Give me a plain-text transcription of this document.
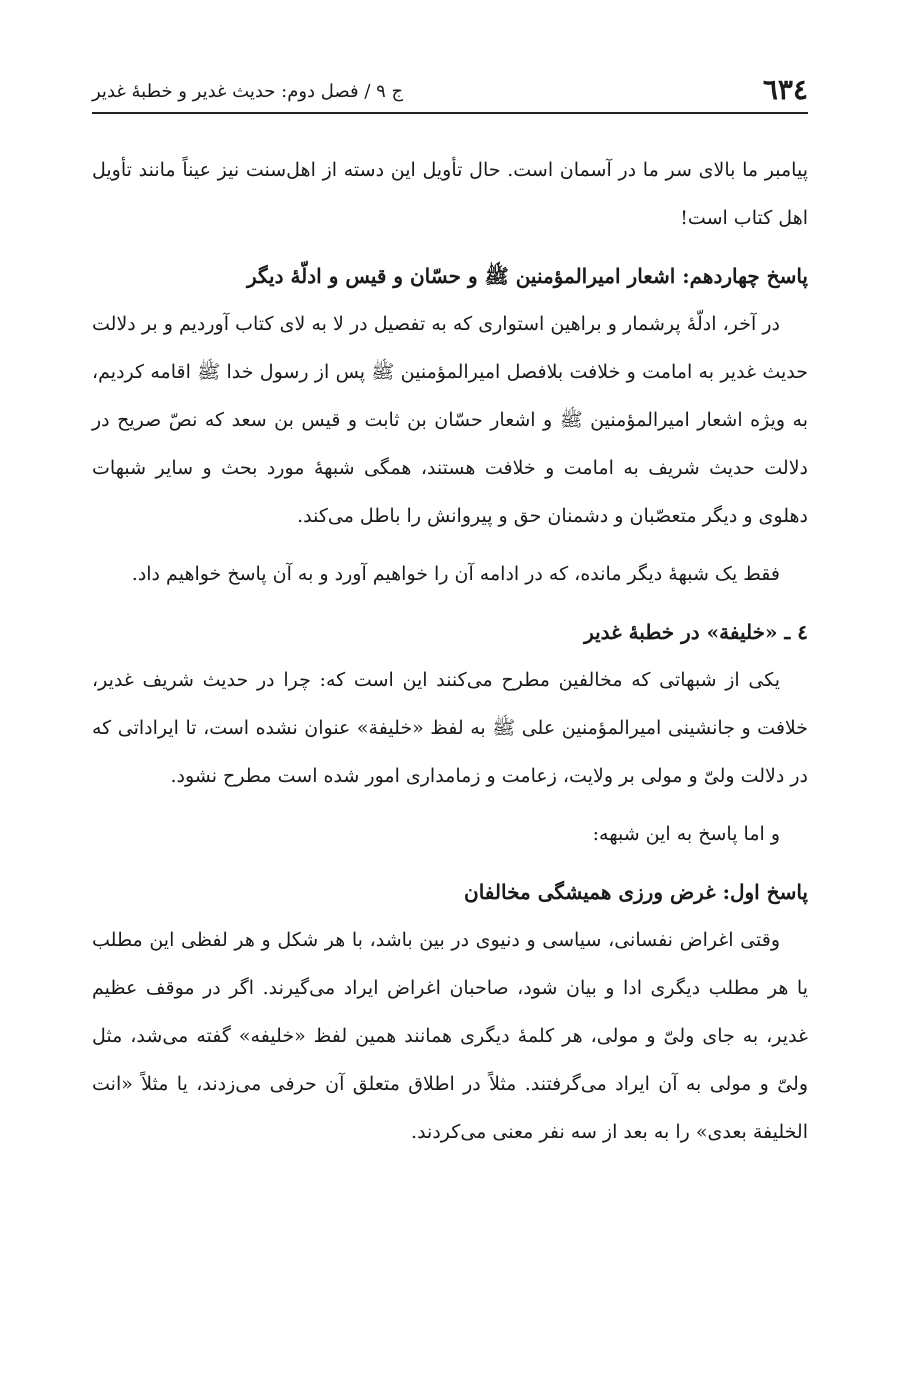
٦٣٤
ج ۹ / فصل دوم: حدیث غدیر و خطبهٔ غدیر

پیامبر ما بالای سر ما در آسمان است. حال تأویل این دسته از اهل‌سنت نیز عیناً مانند تأویل اهل کتاب است!

پاسخ چهاردهم: اشعار امیرالمؤمنین ﷺ و حسّان و قیس و ادلّهٔ دیگر

در آخر، ادلّهٔ پرشمار و براهین استواری که به تفصیل در لا به لای کتاب آوردیم و بر دلالت حدیث غدیر به امامت و خلافت بلافصل امیرالمؤمنین ﷺ پس از رسول خدا ﷺ اقامه کردیم، به ویژه اشعار امیرالمؤمنین ﷺ و اشعار حسّان بن ثابت و قیس بن سعد که نصّ صریح در دلالت حدیث شریف به امامت و خلافت هستند، همگی شبهۀ مورد بحث و سایر شبهات دهلوی و دیگر متعصّبان و دشمنان حق و پیروانش را باطل می‌کند.

فقط یک شبهۀ دیگر مانده، که در ادامه آن را خواهیم آورد و به آن پاسخ خواهیم داد.

٤ ـ «خلیفة» در خطبهٔ غدیر

یکی از شبهاتی که مخالفین مطرح می‌کنند این است که: چرا در حدیث شریف غدیر، خلافت و جانشینی امیرالمؤمنین علی ﷺ به لفظ «خلیفة» عنوان نشده است، تا ایراداتی که در دلالت ولیّ و مولی بر ولایت، زعامت و زمامداری امور شده است مطرح نشود.

و اما پاسخ به این شبهه:

پاسخ اول: غرض ورزی همیشگی مخالفان

وقتی اغراض نفسانی، سیاسی و دنیوی در بین باشد، با هر شکل و هر لفظی این مطلب یا هر مطلب دیگری ادا و بیان شود، صاحبان اغراض ایراد می‌گیرند. اگر در موقف عظیم غدیر، به جای ولیّ و مولی، هر کلمهٔ دیگری همانند همین لفظ «خلیفه» گفته می‌شد، مثل ولیّ و مولی به آن ایراد می‌گرفتند. مثلاً در اطلاق متعلق آن حرفی می‌زدند، یا مثلاً «انت الخلیفة بعدی» را به بعد از سه نفر معنی می‌کردند.
